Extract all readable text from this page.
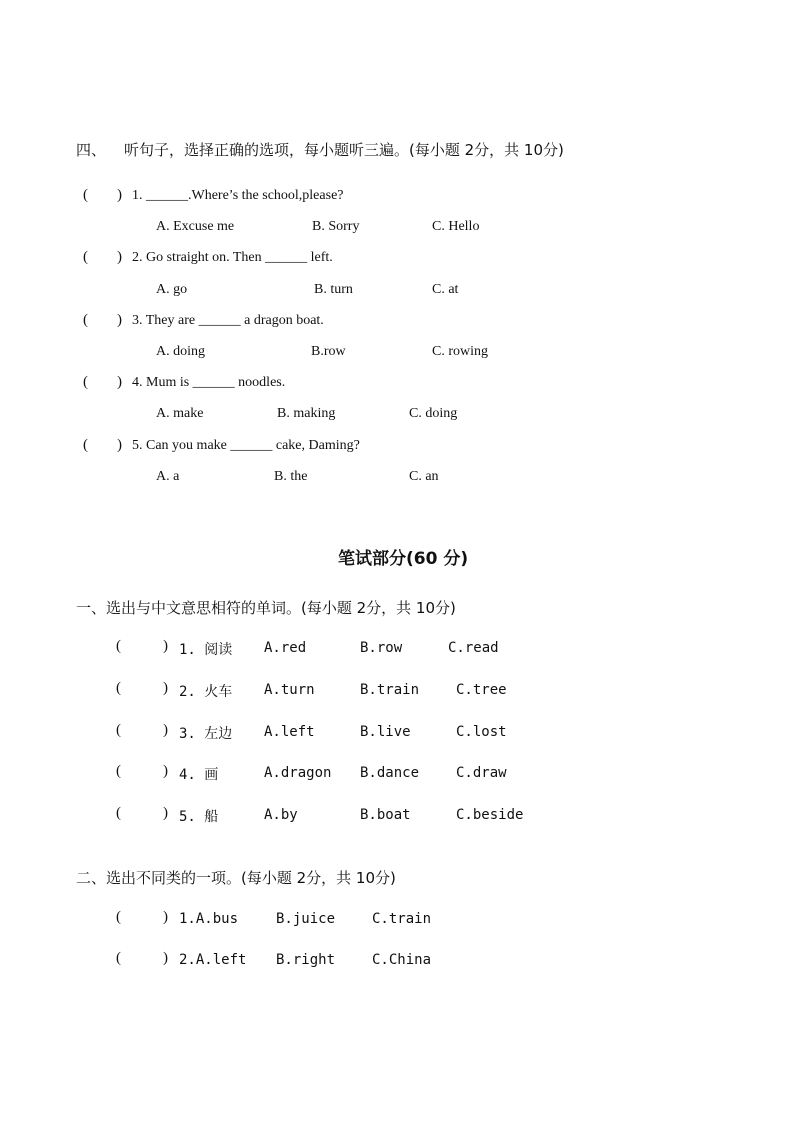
四、 听句子，选择正确的选项，每小题听三遍。(每小题 2分，共 10分)
( ) 1. ______.Where’s the school,please?
A. Excuse me	B. Sorry	C. Hello
( ) 2. Go straight on. Then ______ left.
A. go	B. turn	C. at
( ) 3. They are ______ a dragon boat.
A. doing	B.row	C. rowing
( ) 4. Mum is ______ noodles.
A. make	B. making	C. doing
( ) 5. Can you make ______ cake, Daming?
A. a	B. the	C. an
笔试部分(60 分)
一、选出与中文意思相符的单词。(每小题 2分，共 10分)
(	) 1. 阅读 A.red	B.row	C.read
(	) 2. 火车 A.turn	B.train	C.tree
(	) 3. 左边 A.left	B.live	C.lost
(	) 4. 画	A.dragon B.dance	C.draw
(	) 5. 船	A.by	B.boat	C.beside
二、选出不同类的一项。(每小题 2分，共 10分)
(	) 1.A.bus	B.juice	C.train
(	) 2.A.left B.right	C.China
